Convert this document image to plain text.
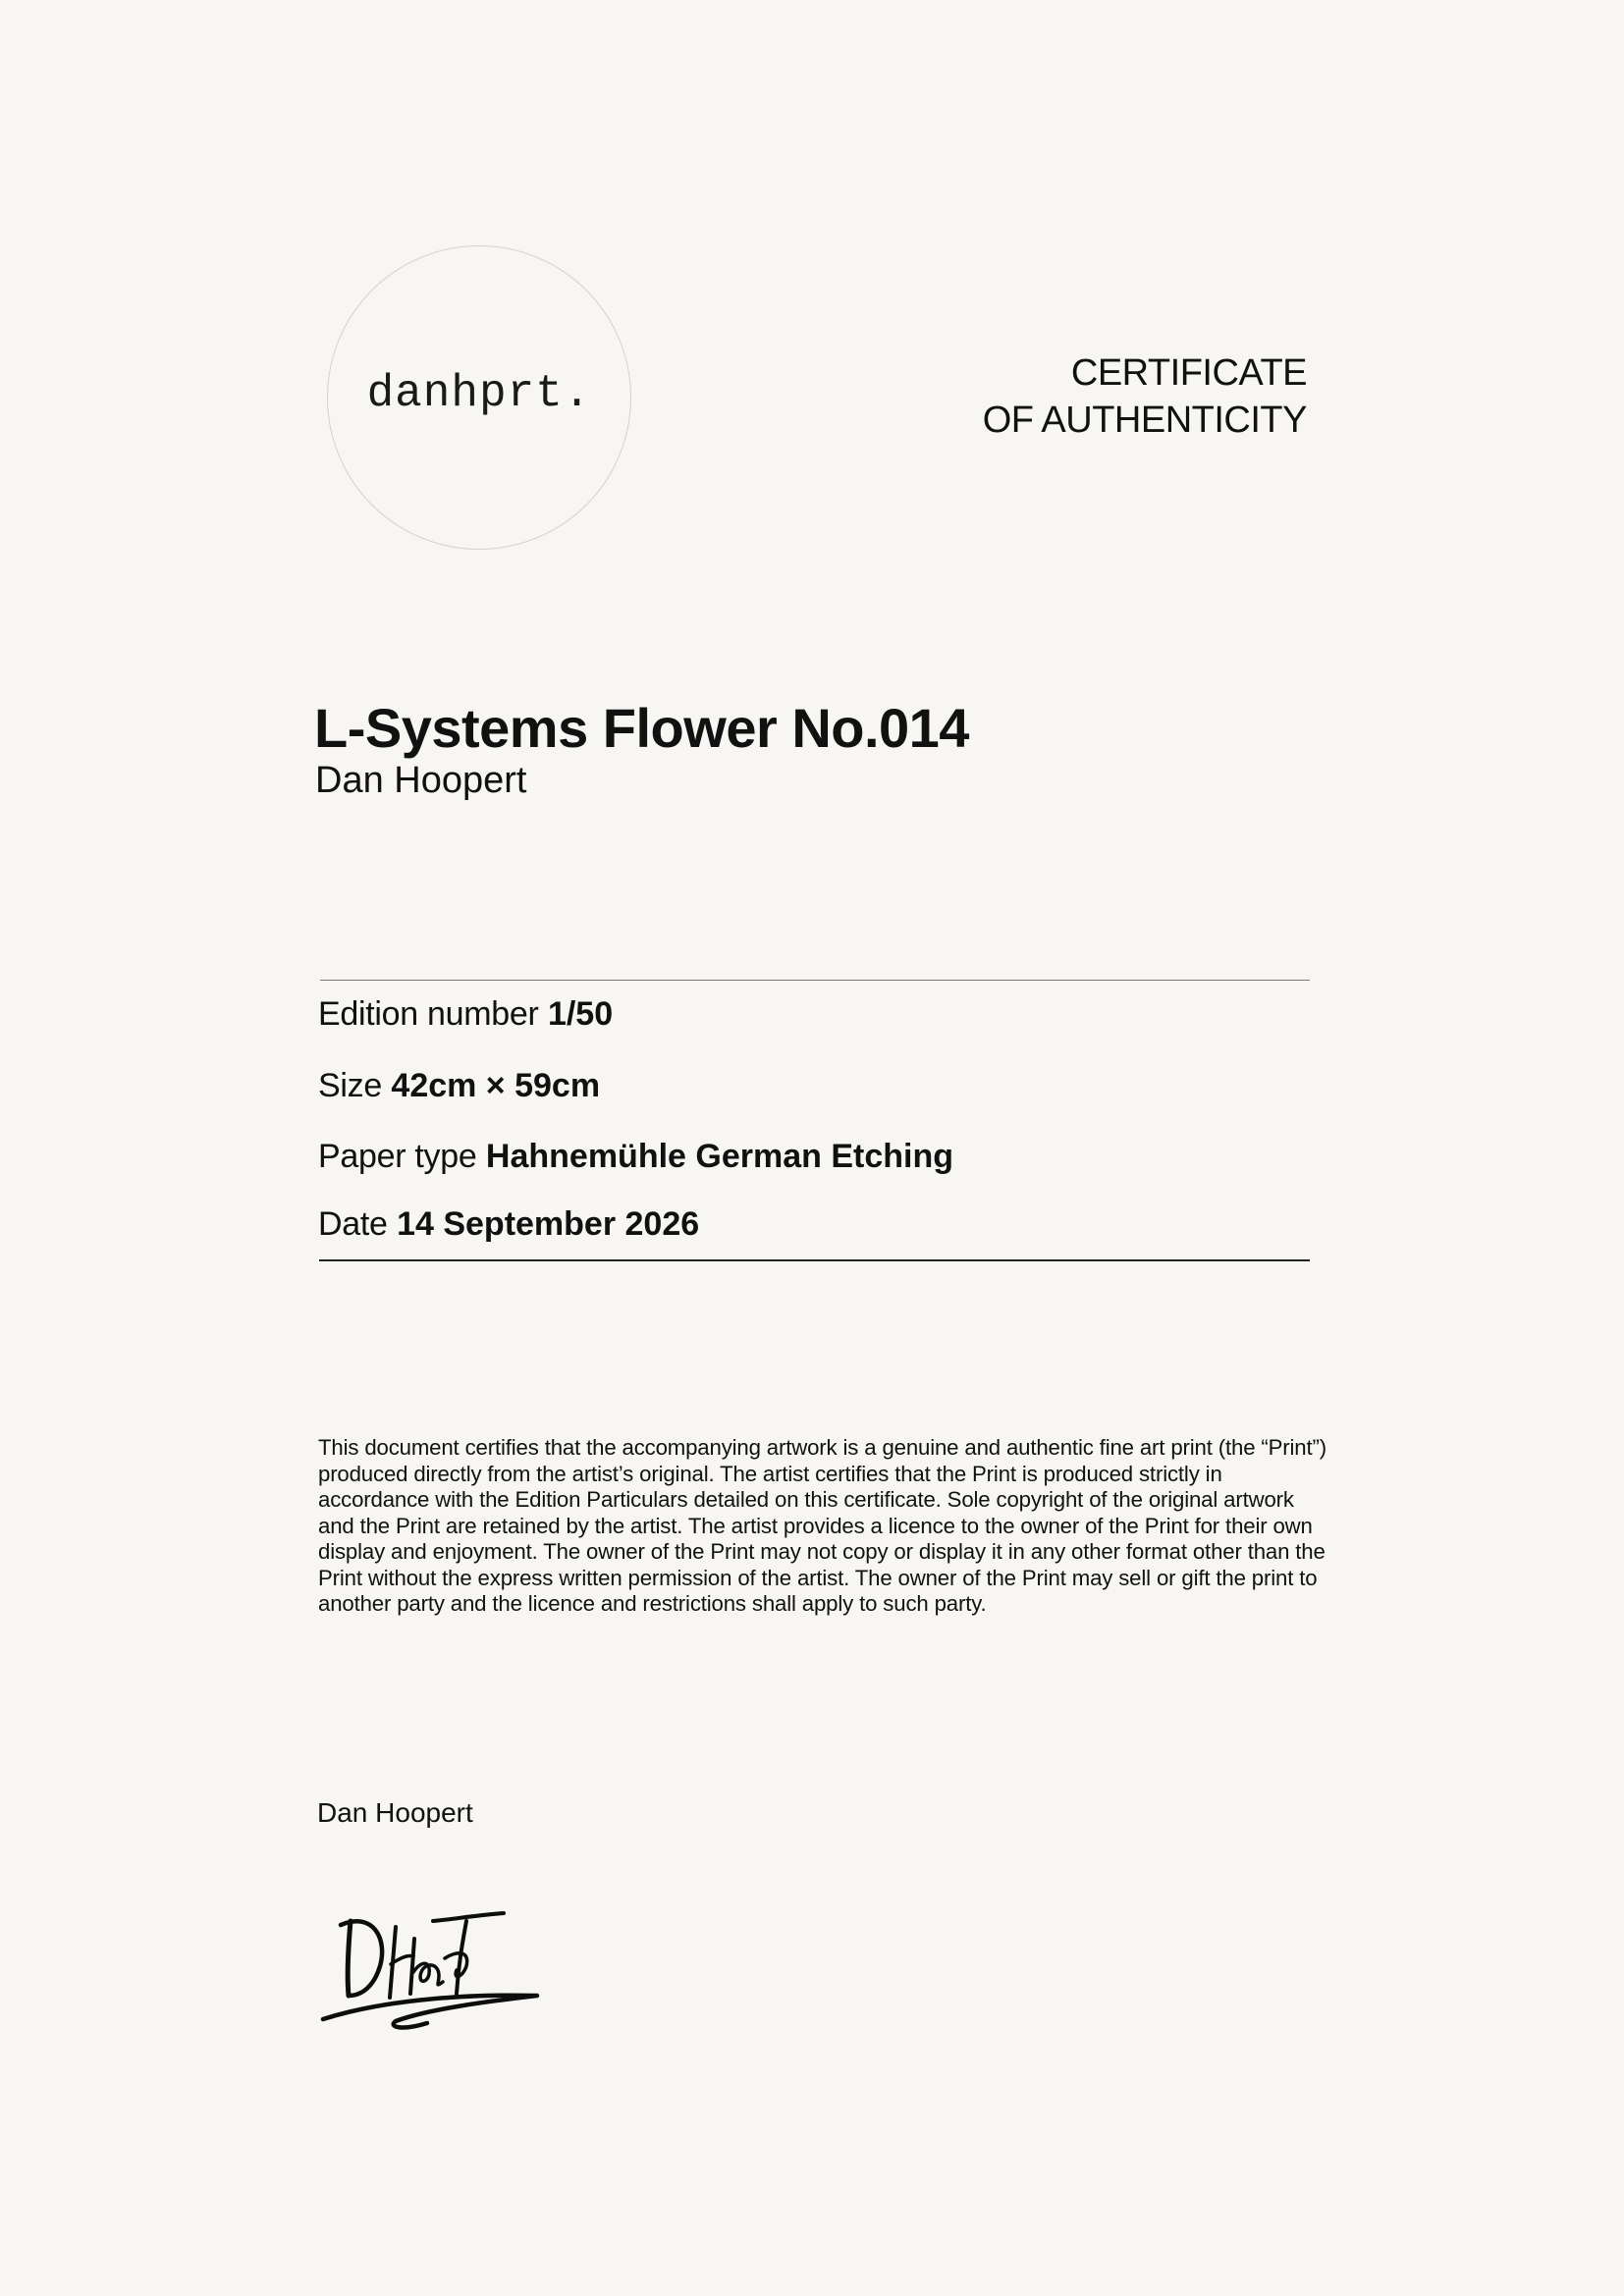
danhprt.	CERTIFICATE
OF AUTHENTICITY
L-Systems Flower No.014
Dan Hoopert
Edition number 1/50
Size 42cm × 59cm
Paper type Hahnemühle German Etching
Date 14 September 2026

This document certifies that the accompanying artwork is a genuine and authentic fine art print (the “Print”) produced directly from the artist’s original. The artist certifies that the Print is produced strictly in accordance with the Edition Particulars detailed on this certificate. Sole copyright of the original artwork and the Print are retained by the artist. The artist provides a licence to the owner of the Print for their own display and enjoyment. The owner of the Print may not copy or display it in any other format other than the Print without the express written permission of the artist. The owner of the Print may sell or gift the print to another party and the licence and restrictions shall apply to such party.

Dan Hoopert
